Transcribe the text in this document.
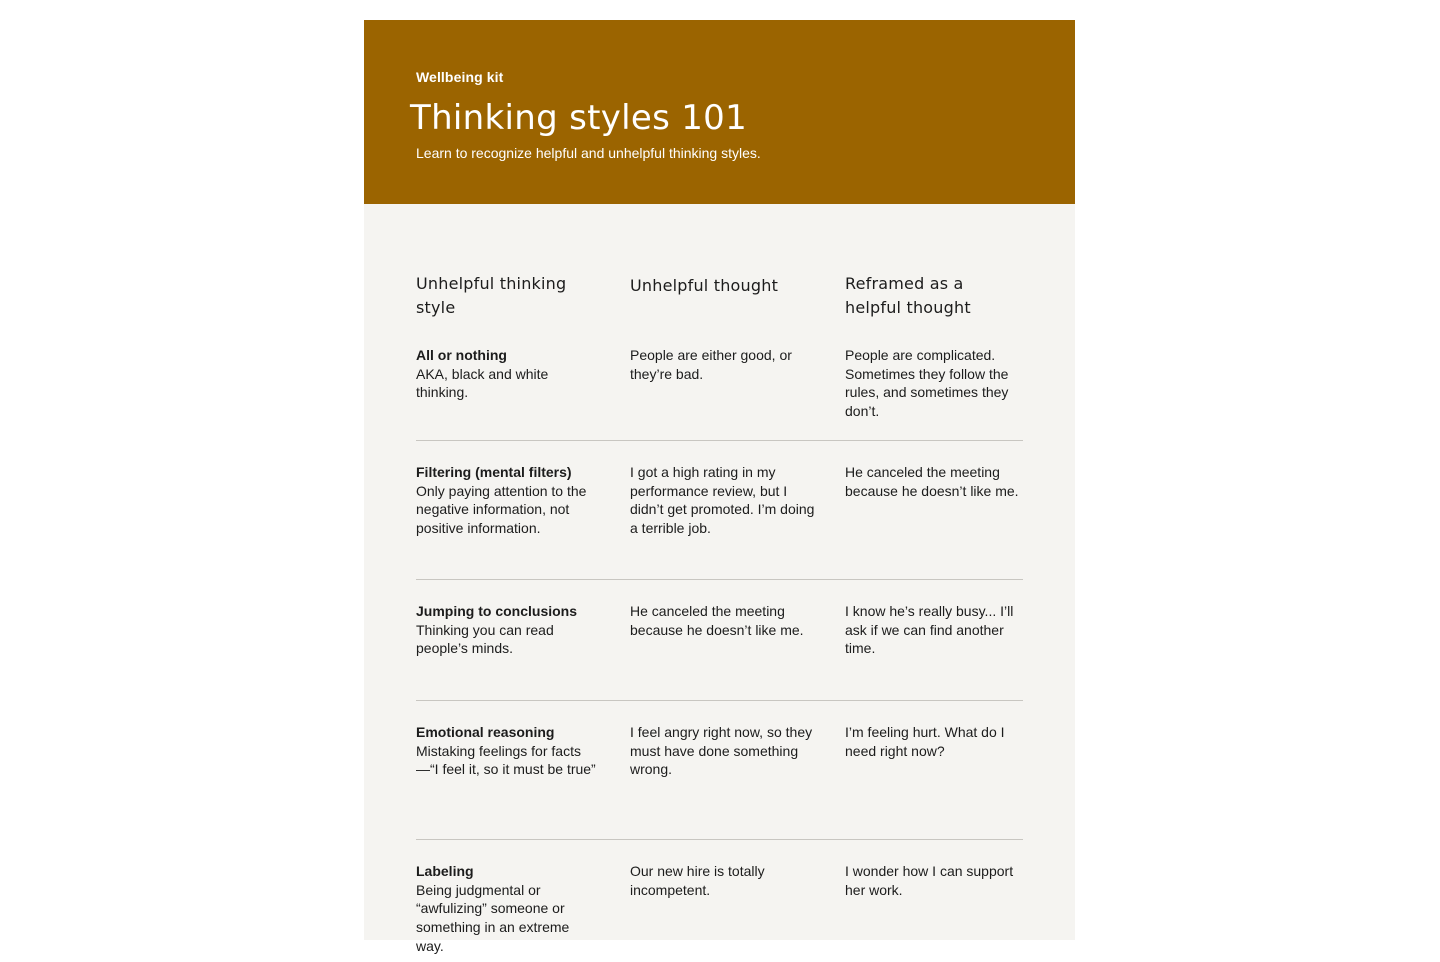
Wellbeing kit
Thinking styles 101
Learn to recognize helpful and unhelpful thinking styles.
Unhelpful thinking style
Unhelpful thought	Reframed as a helpful thought
All or nothing
AKA, black and white thinking.
People are either good, or they’re bad.
People are complicated. Sometimes they follow the rules, and sometimes they don’t.
Filtering (mental filters)
Only paying attention to the negative information, not positive information.
I got a high rating in my performance review, but I didn’t get promoted. I’m doing a terrible job.
He canceled the meeting because he doesn’t like me.
Jumping to conclusions
Thinking you can read people’s minds.
He canceled the meeting because he doesn’t like me.
I know he’s really busy... I’ll ask if we can find another time.
Emotional reasoning
Mistaking feelings for facts—“I feel it, so it must be true”
I feel angry right now, so they must have done something wrong.
I’m feeling hurt. What do I need right now?
Labeling
Being judgmental or “awfulizing” someone or something in an extreme way.
Our new hire is totally incompetent.
I wonder how I can support her work.
